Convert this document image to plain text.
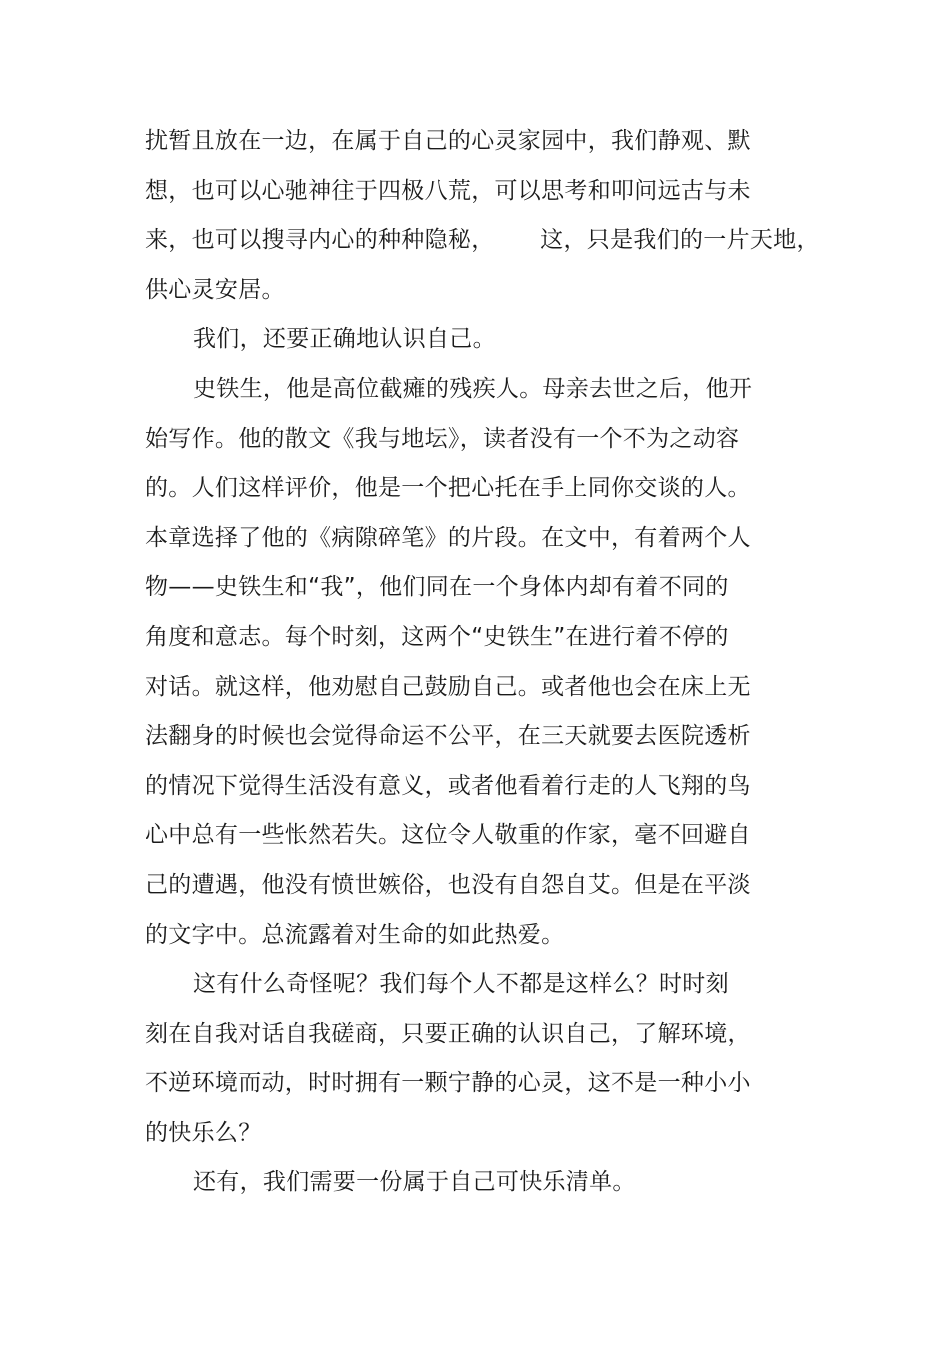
扰暂且放在一边，在属于自己的心灵家园中，我们静观、默
想，也可以心驰神往于四极八荒，可以思考和叩问远古与未
来，也可以搜寻内心的种种隐秘，      这，只是我们的一片天地，
供心灵安居。
我们，还要正确地认识自己。
史铁生，他是高位截瘫的残疾人。母亲去世之后，他开
始写作。他的散文《我与地坛》，读者没有一个不为之动容
的。人们这样评价，他是一个把心托在手上同你交谈的人。
本章选择了他的《病隙碎笔》的片段。在文中，有着两个人
物——史铁生和“我”，他们同在一个身体内却有着不同的
角度和意志。每个时刻，这两个“史铁生”在进行着不停的
对话。就这样，他劝慰自己鼓励自己。或者他也会在床上无
法翻身的时候也会觉得命运不公平，在三天就要去医院透析
的情况下觉得生活没有意义，或者他看着行走的人飞翔的鸟
心中总有一些怅然若失。这位令人敬重的作家，毫不回避自
己的遭遇，他没有愤世嫉俗，也没有自怨自艾。但是在平淡
的文字中。总流露着对生命的如此热爱。
这有什么奇怪呢？我们每个人不都是这样么？时时刻
刻在自我对话自我磋商，只要正确的认识自己，了解环境，
不逆环境而动，时时拥有一颗宁静的心灵，这不是一种小小
的快乐么？
还有，我们需要一份属于自己可快乐清单。
